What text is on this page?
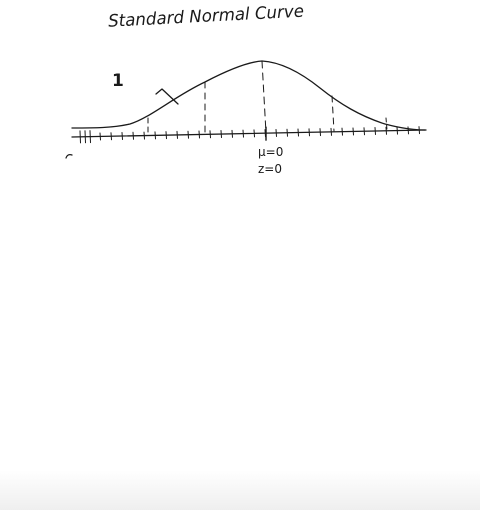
Standard Normal Curve
1
μ=0
z=0
